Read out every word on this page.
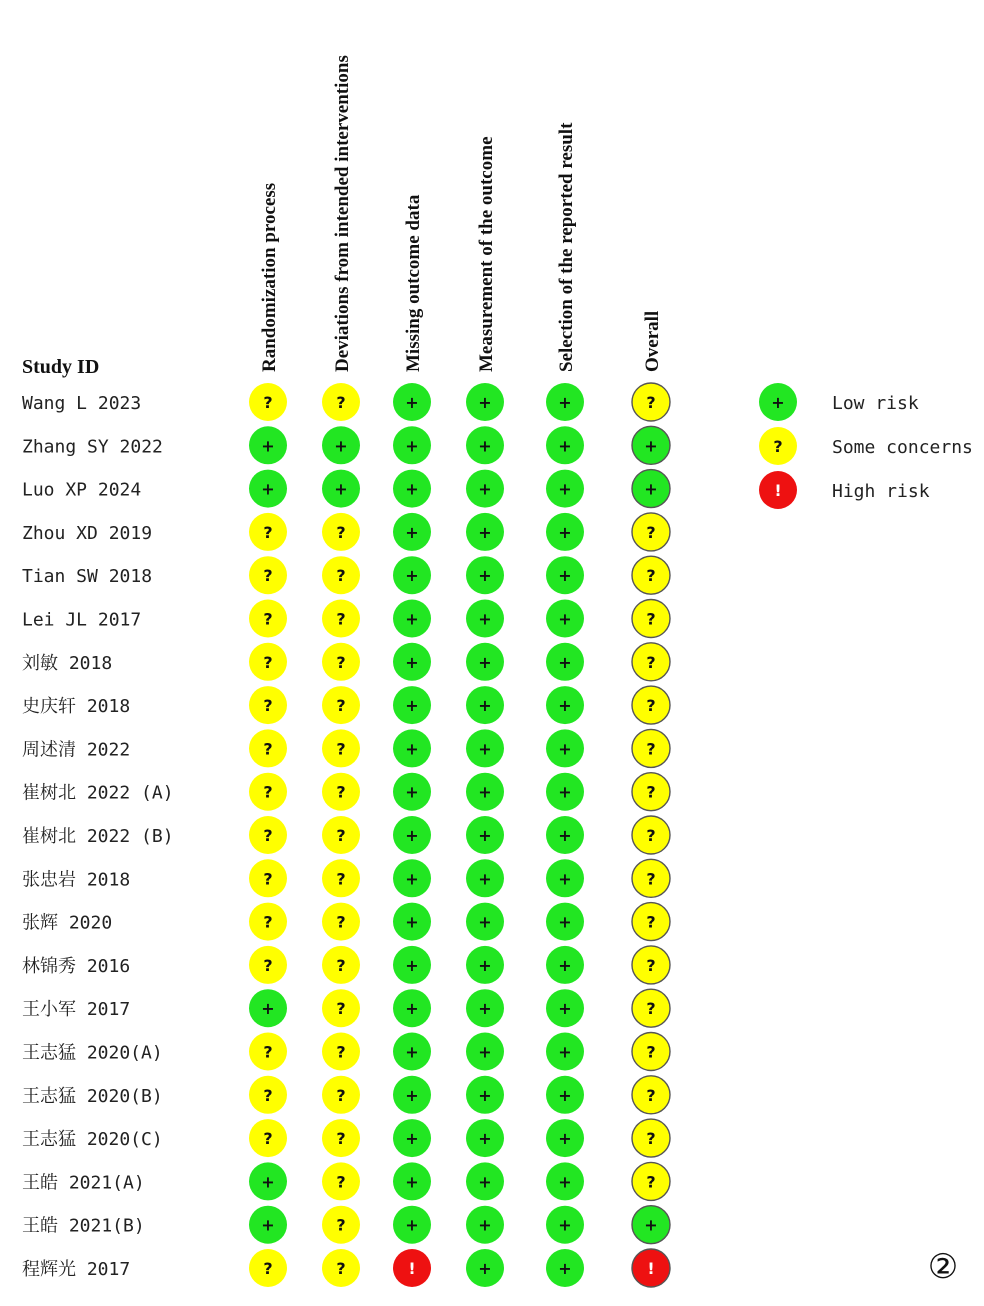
Randomization process	Deviations from intended interventions	Missing outcome data	Measurement of the outcome	Selection of the reported result	Overall
Study ID
Wang L 2023	?	?	+	+	+	?
Zhang SY 2022	+	+	+	+	+	+
Luo XP 2024	+	+	+	+	+	+
Zhou XD 2019	?	?	+	+	+	?
Tian SW 2018	?	?	+	+	+	?
Lei JL 2017	?	?	+	+	+	?
刘敏 2018	?	?	+	+	+	?
史庆轩 2018	?	?	+	+	+	?
周述清 2022	?	?	+	+	+	?
崔树北 2022 (A)	?	?	+	+	+	?
崔树北 2022 (B)	?	?	+	+	+	?
张忠岩 2018	?	?	+	+	+	?
张辉 2020	?	?	+	+	+	?
林锦秀 2016	?	?	+	+	+	?
王小军 2017	+	?	+	+	+	?
王志猛 2020(A)	?	?	+	+	+	?
王志猛 2020(B)	?	?	+	+	+	?
王志猛 2020(C)	?	?	+	+	+	?
王皓 2021(A)	+	?	+	+	+	?
王皓 2021(B)	+	?	+	+	+	+
程辉光 2017	?	?	!	+	+	!
+	Low risk
?	Some concerns
!	High risk
②
